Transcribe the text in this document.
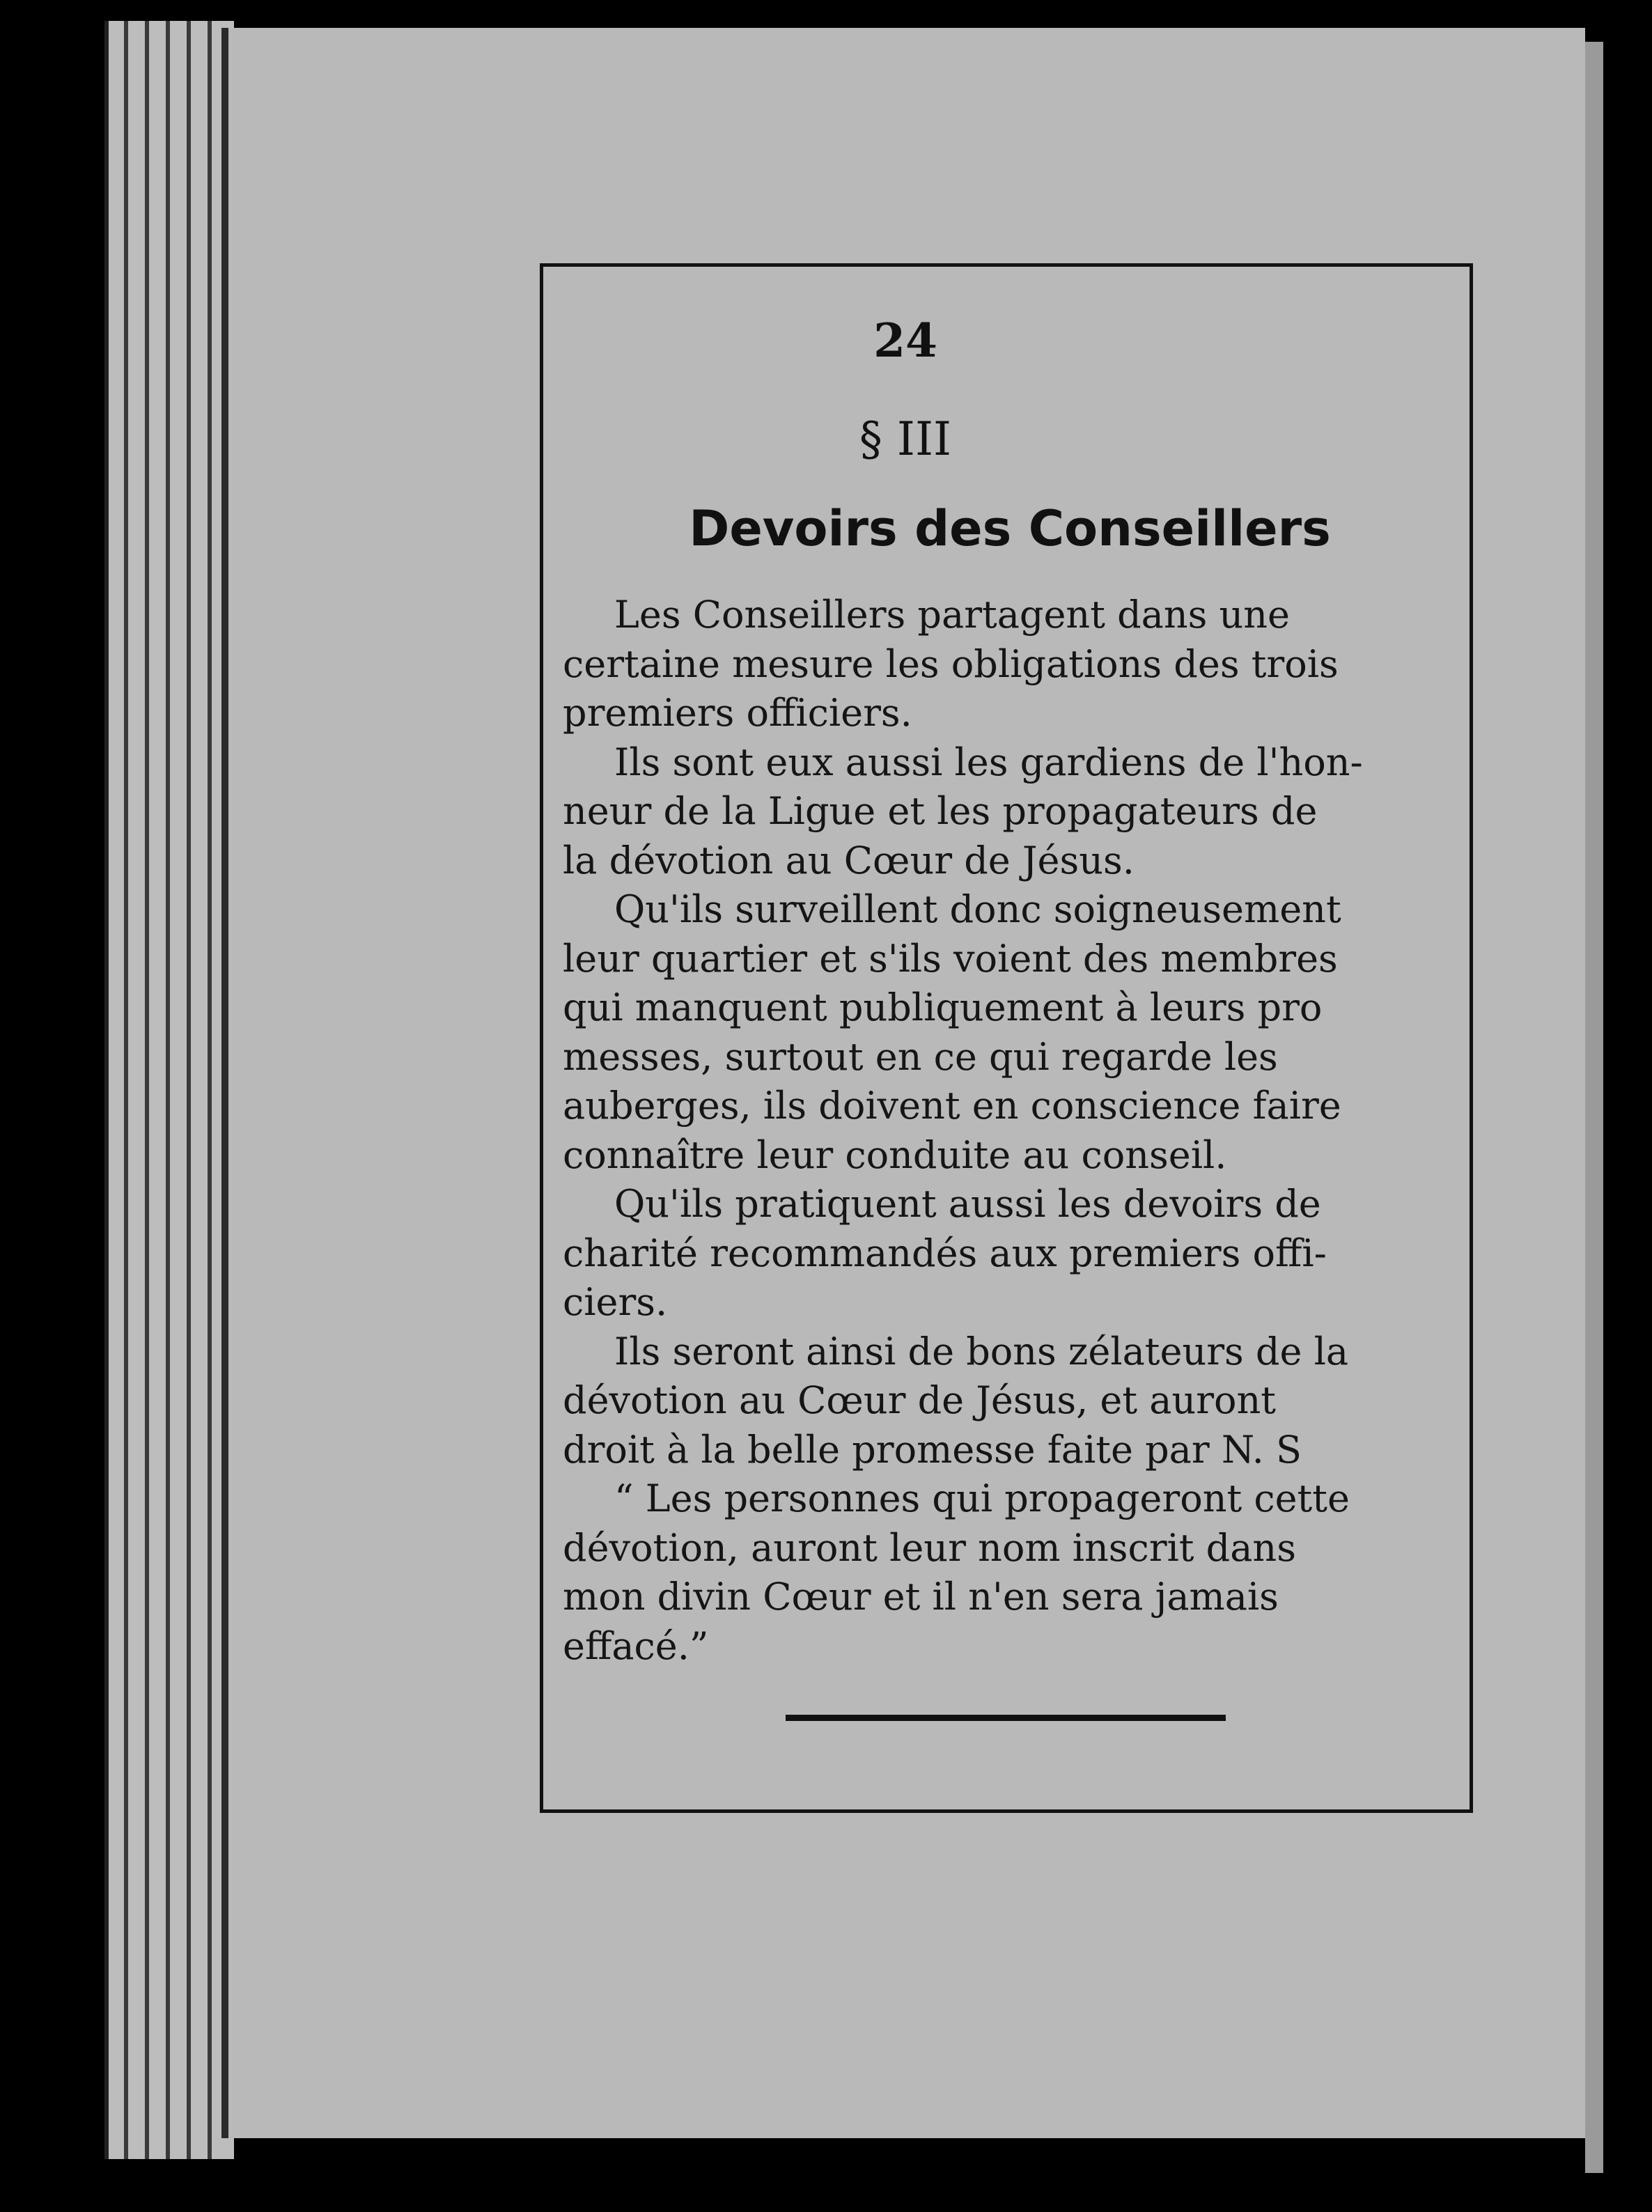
24
§ III
Devoirs des Conseillers

Les Conseillers partagent dans une
certaine mesure les obligations des trois
premiers officiers.

Ils sont eux aussi les gardiens de l'hon-
neur de la Ligue et les propagateurs de
la dévotion au Cœur de Jésus.

Qu'ils surveillent donc soigneusement
leur quartier et s'ils voient des membres
qui manquent publiquement à leurs pro
messes, surtout en ce qui regarde les
auberges, ils doivent en conscience faire
connaître leur conduite au conseil.

Qu'ils pratiquent aussi les devoirs de
charité recommandés aux premiers offi-
ciers.

Ils seront ainsi de bons zélateurs de la
dévotion au Cœur de Jésus, et auront
droit à la belle promesse faite par N. S

“ Les personnes qui propageront cette
dévotion, auront leur nom inscrit dans
mon divin Cœur et il n'en sera jamais
effacé.”
